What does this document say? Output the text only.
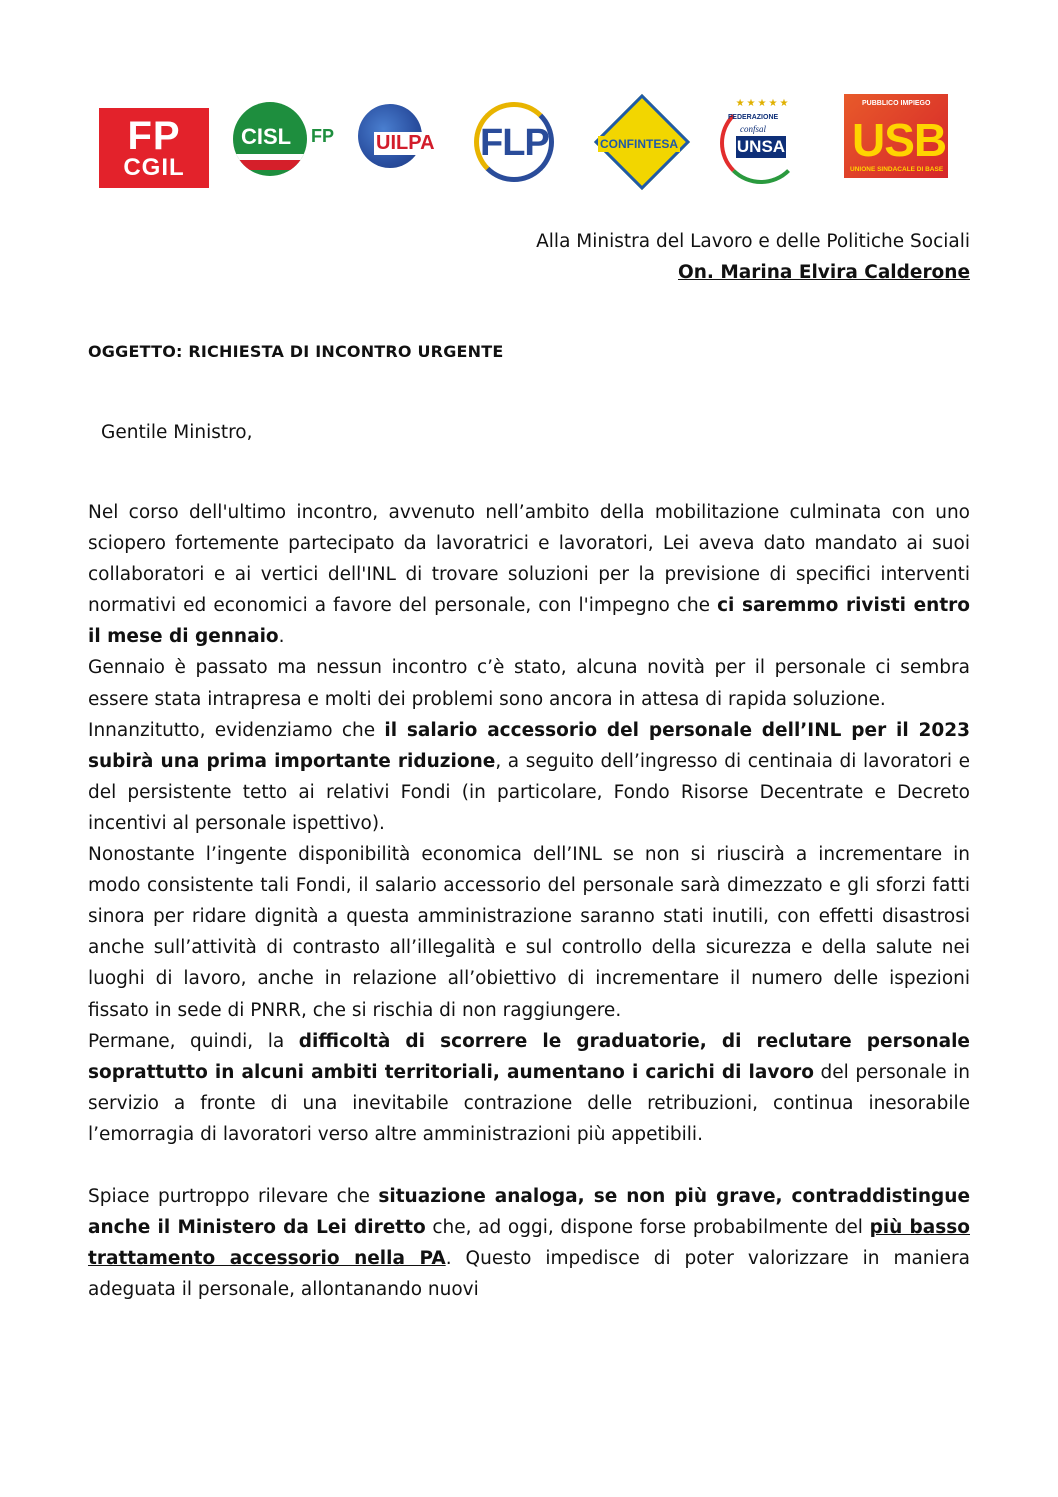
FP
CGIL
CISL FP UILPA FLP	CONFINTESA
★★★★★
FEDERAZIONE
confsal
UNSA
PUBBLICO IMPIEGO
USB
UNIONE SINDACALE DI BASE
Alla Ministra del Lavoro e delle Politiche Sociali
On. Marina Elvira Calderone
OGGETTO: RICHIESTA DI INCONTRO URGENTE
Gentile Ministro,

Nel corso dell'ultimo incontro, avvenuto nell’ambito della mobilitazione culminata con uno sciopero fortemente partecipato da lavoratrici e lavoratori, Lei aveva dato mandato ai suoi collaboratori e ai vertici dell'INL di trovare soluzioni per la previsione di specifici interventi normativi ed economici a favore del personale, con l'impegno che ci saremmo rivisti entro il mese di gennaio.

Gennaio è passato ma nessun incontro c’è stato, alcuna novità per il personale ci sembra essere stata intrapresa e molti dei problemi sono ancora in attesa di rapida soluzione.

Innanzitutto, evidenziamo che il salario accessorio del personale dell’INL per il 2023 subirà una prima importante riduzione, a seguito dell’ingresso di centinaia di lavoratori e del persistente tetto ai relativi Fondi (in particolare, Fondo Risorse Decentrate e Decreto incentivi al personale ispettivo).

Nonostante l’ingente disponibilità economica dell’INL se non si riuscirà a incrementare in modo consistente tali Fondi, il salario accessorio del personale sarà dimezzato e gli sforzi fatti sinora per ridare dignità a questa amministrazione saranno stati inutili, con effetti disastrosi anche sull’attività di contrasto all’illegalità e sul controllo della sicurezza e della salute nei luoghi di lavoro, anche in relazione all’obiettivo di incrementare il numero delle ispezioni fissato in sede di PNRR, che si rischia di non raggiungere.

Permane, quindi, la difficoltà di scorrere le graduatorie, di reclutare personale soprattutto in alcuni ambiti territoriali, aumentano i carichi di lavoro del personale in servizio a fronte di una inevitabile contrazione delle retribuzioni, continua inesorabile l’emorragia di lavoratori verso altre amministrazioni più appetibili.

Spiace purtroppo rilevare che situazione analoga, se non più grave, contraddistingue anche il Ministero da Lei diretto che, ad oggi, dispone forse probabilmente del più basso trattamento accessorio nella PA. Questo impedisce di poter valorizzare in maniera adeguata il personale, allontanando nuovi
